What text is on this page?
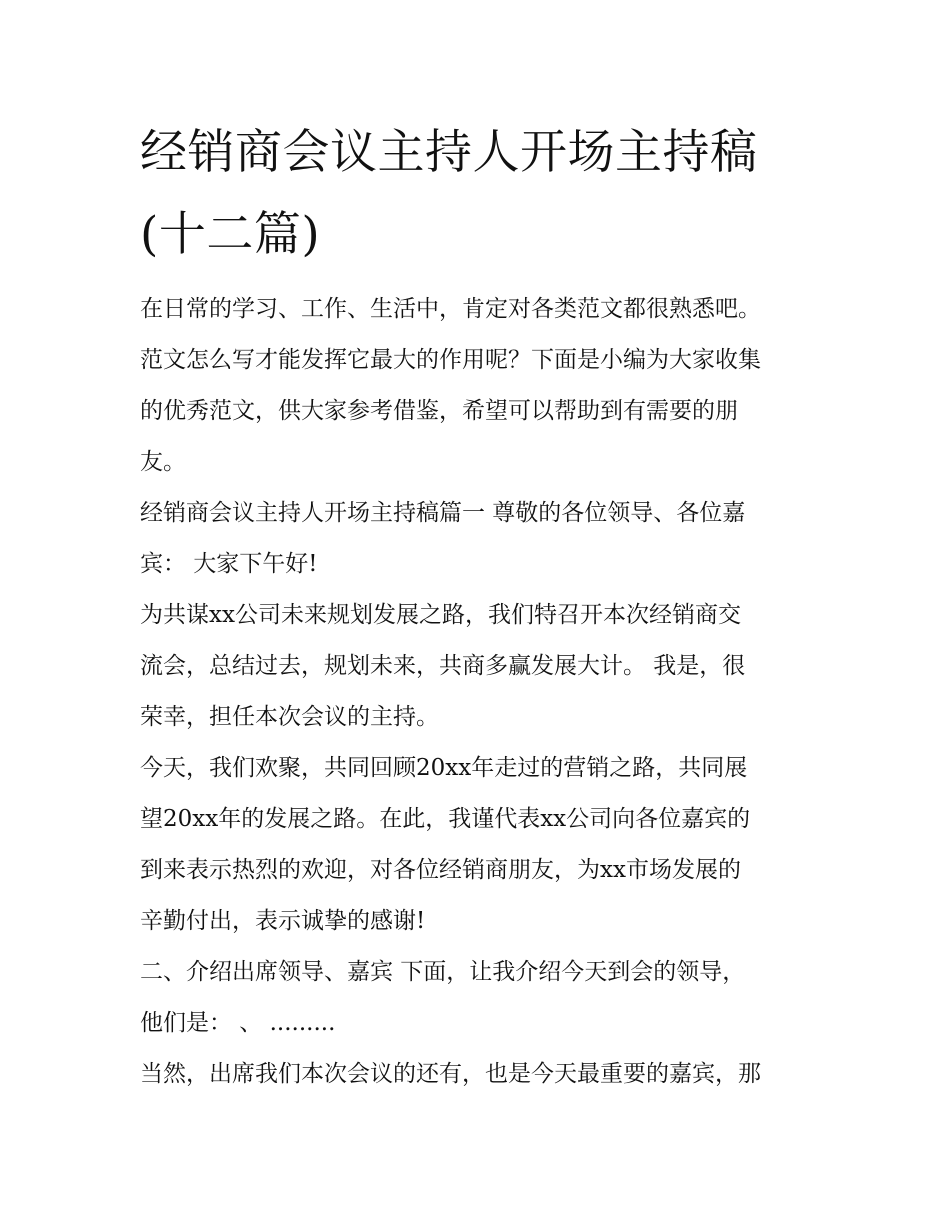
经销商会议主持人开场主持稿
(十二篇)

在日常的学习、工作、生活中，肯定对各类范文都很熟悉吧。
范文怎么写才能发挥它最大的作用呢？下面是小编为大家收集
的优秀范文，供大家参考借鉴，希望可以帮助到有需要的朋
友。

经销商会议主持人开场主持稿篇一 尊敬的各位领导、各位嘉
宾： 大家下午好!

为共谋xx公司未来规划发展之路，我们特召开本次经销商交
流会，总结过去，规划未来，共商多赢发展大计。 我是，很
荣幸，担任本次会议的主持。

今天，我们欢聚，共同回顾20xx年走过的营销之路，共同展
望20xx年的发展之路。在此，我谨代表xx公司向各位嘉宾的
到来表示热烈的欢迎，对各位经销商朋友，为xx市场发展的
辛勤付出，表示诚挚的感谢!

二、介绍出席领导、嘉宾 下面，让我介绍今天到会的领导，
他们是： 、 .........

当然，出席我们本次会议的还有，也是今天最重要的嘉宾，那
